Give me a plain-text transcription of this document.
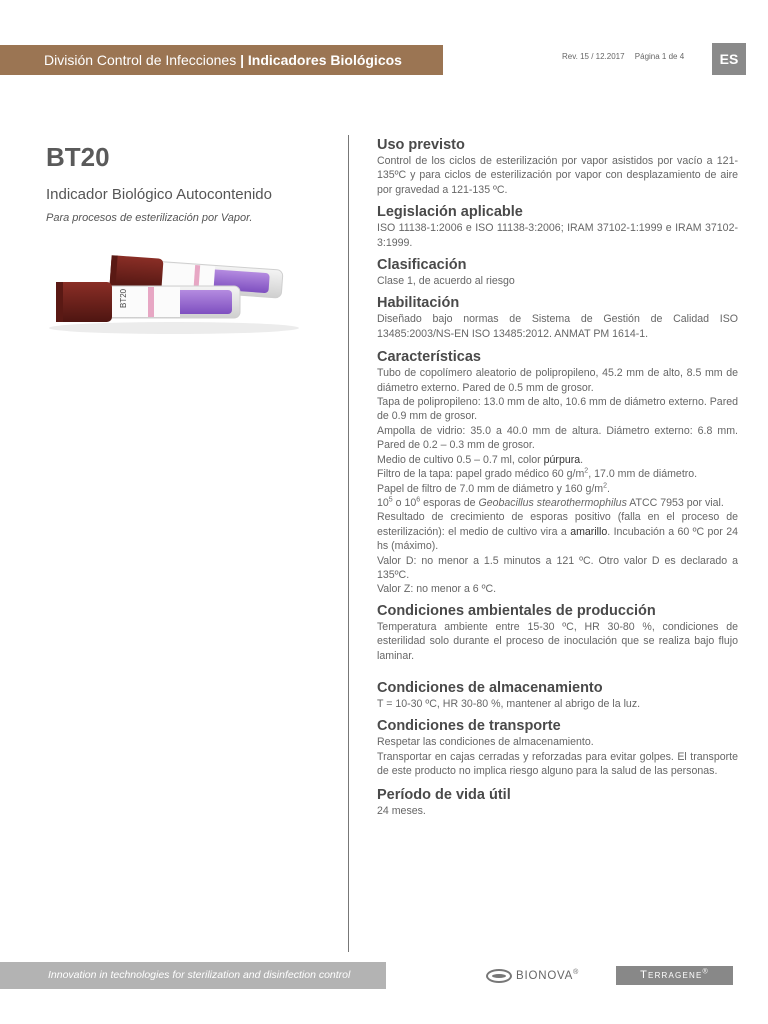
División Control de Infecciones | Indicadores Biológicos	Rev. 15 / 12.2017 Página 1 de 4	ES
BT20
Indicador Biológico Autocontenido
Para procesos de esterilización por Vapor.
BT20
Uso previsto

Control de los ciclos de esterilización por vapor asistidos por vacío a 121-135ºC y para ciclos de esterilización por vapor con desplazamiento de aire por gravedad a 121-135 ºC.

Legislación aplicable

ISO 11138-1:2006 e ISO 11138-3:2006; IRAM 37102-1:1999 e IRAM 37102-3:1999.

Clasificación

Clase 1, de acuerdo al riesgo

Habilitación

Diseñado bajo normas de Sistema de Gestión de Calidad ISO 13485:2003/NS-EN ISO 13485:2012. ANMAT PM 1614-1.

Características

Tubo de copolímero aleatorio de polipropileno, 45.2 mm de alto, 8.5 mm de diámetro externo. Pared de 0.5 mm de grosor.

Tapa de polipropileno: 13.0 mm de alto, 10.6 mm de diámetro externo. Pared de 0.9 mm de grosor.

Ampolla de vidrio: 35.0 a 40.0 mm de altura. Diámetro externo: 6.8 mm. Pared de 0.2 – 0.3 mm de grosor.

Medio de cultivo 0.5 – 0.7 ml, color púrpura.

Filtro de la tapa: papel grado médico 60 $g/m^2$, 17.0 mm de diámetro.

Papel de filtro de 7.0 mm de diámetro y 160 $g/m^2$.

$10^5$ o $10^6$ esporas de Geobacillus stearothermophilus ATCC 7953 por vial.

Resultado de crecimiento de esporas positivo (falla en el proceso de esterilización): el medio de cultivo vira a amarillo. Incubación a 60 ºC por 24 hs (máximo).

Valor D: no menor a 1.5 minutos a 121 ºC. Otro valor D es declarado a 135ºC.

Valor Z: no menor a 6 ºC.

Condiciones ambientales de producción

Temperatura ambiente entre 15-30 ºC, HR 30-80 %, condiciones de esterilidad solo durante el proceso de inoculación que se realiza bajo flujo laminar.

Condiciones de almacenamiento

T = 10-30 ºC, HR 30-80 %, mantener al abrigo de la luz.

Condiciones de transporte

Respetar las condiciones de almacenamiento.

Transportar en cajas cerradas y reforzadas para evitar golpes. El transporte de este producto no implica riesgo alguno para la salud de las personas.

Período de vida útil

24 meses.

Innovation in technologies for sterilization and disinfection control	BIONOVA®	Terragene®
